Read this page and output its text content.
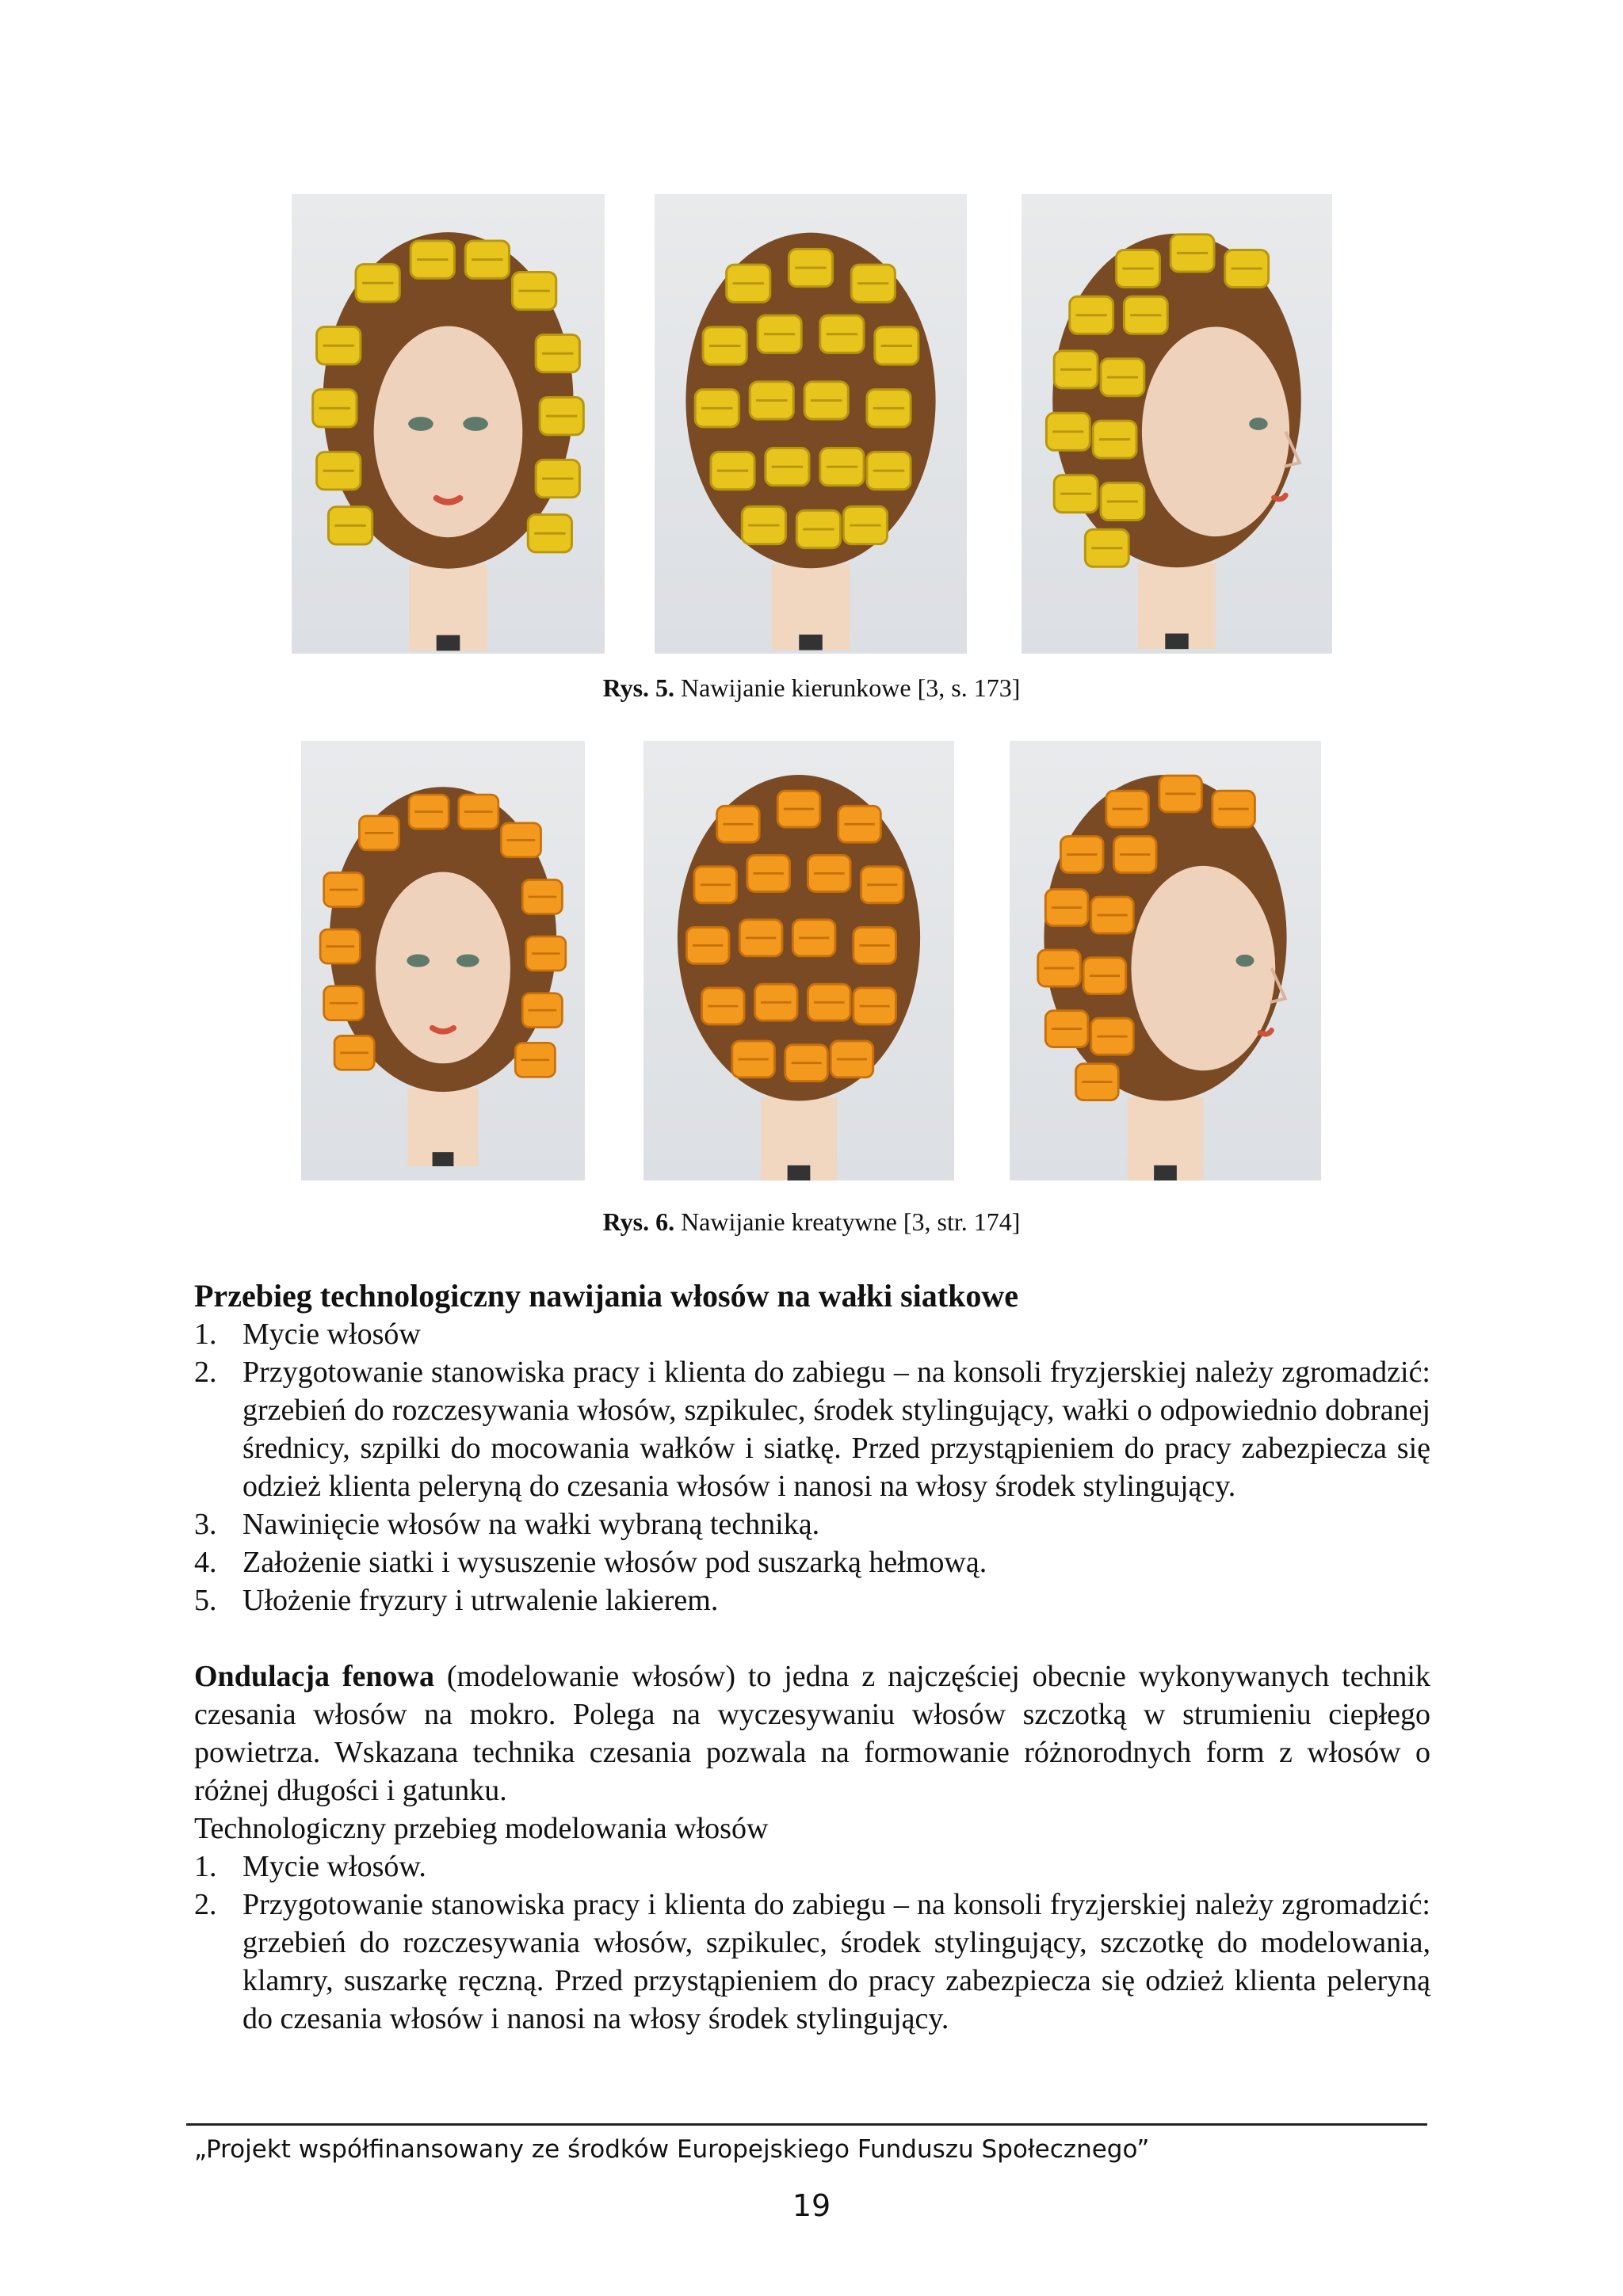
Rys. 5. Nawijanie kierunkowe [3, s. 173]
Rys. 6. Nawijanie kreatywne [3, str. 174]
Przebieg technologiczny nawijania włosów na wałki siatkowe
1. Mycie włosów
2. Przygotowanie stanowiska pracy i klienta do zabiegu – na konsoli fryzjerskiej należy zgromadzić: grzebień do rozczesywania włosów, szpikulec, środek stylingujący, wałki o odpowiednio dobranej średnicy, szpilki do mocowania wałków i siatkę. Przed przystąpieniem do pracy zabezpiecza się odzież klienta peleryną do czesania włosów i nanosi na włosy środek stylingujący.
3. Nawinięcie włosów na wałki wybraną techniką.
4. Założenie siatki i wysuszenie włosów pod suszarką hełmową.
5. Ułożenie fryzury i utrwalenie lakierem.
Ondulacja fenowa (modelowanie włosów) to jedna z najczęściej obecnie wykonywanych technik czesania włosów na mokro. Polega na wyczesywaniu włosów szczotką w strumieniu ciepłego powietrza. Wskazana technika czesania pozwala na formowanie różnorodnych form z włosów o różnej długości i gatunku.
Technologiczny przebieg modelowania włosów
1. Mycie włosów.
2. Przygotowanie stanowiska pracy i klienta do zabiegu – na konsoli fryzjerskiej należy zgromadzić: grzebień do rozczesywania włosów, szpikulec, środek stylingujący, szczotkę do modelowania, klamry, suszarkę ręczną. Przed przystąpieniem do pracy zabezpiecza się odzież klienta peleryną do czesania włosów i nanosi na włosy środek stylingujący.
„Projekt współfinansowany ze środków Europejskiego Funduszu Społecznego”
19
